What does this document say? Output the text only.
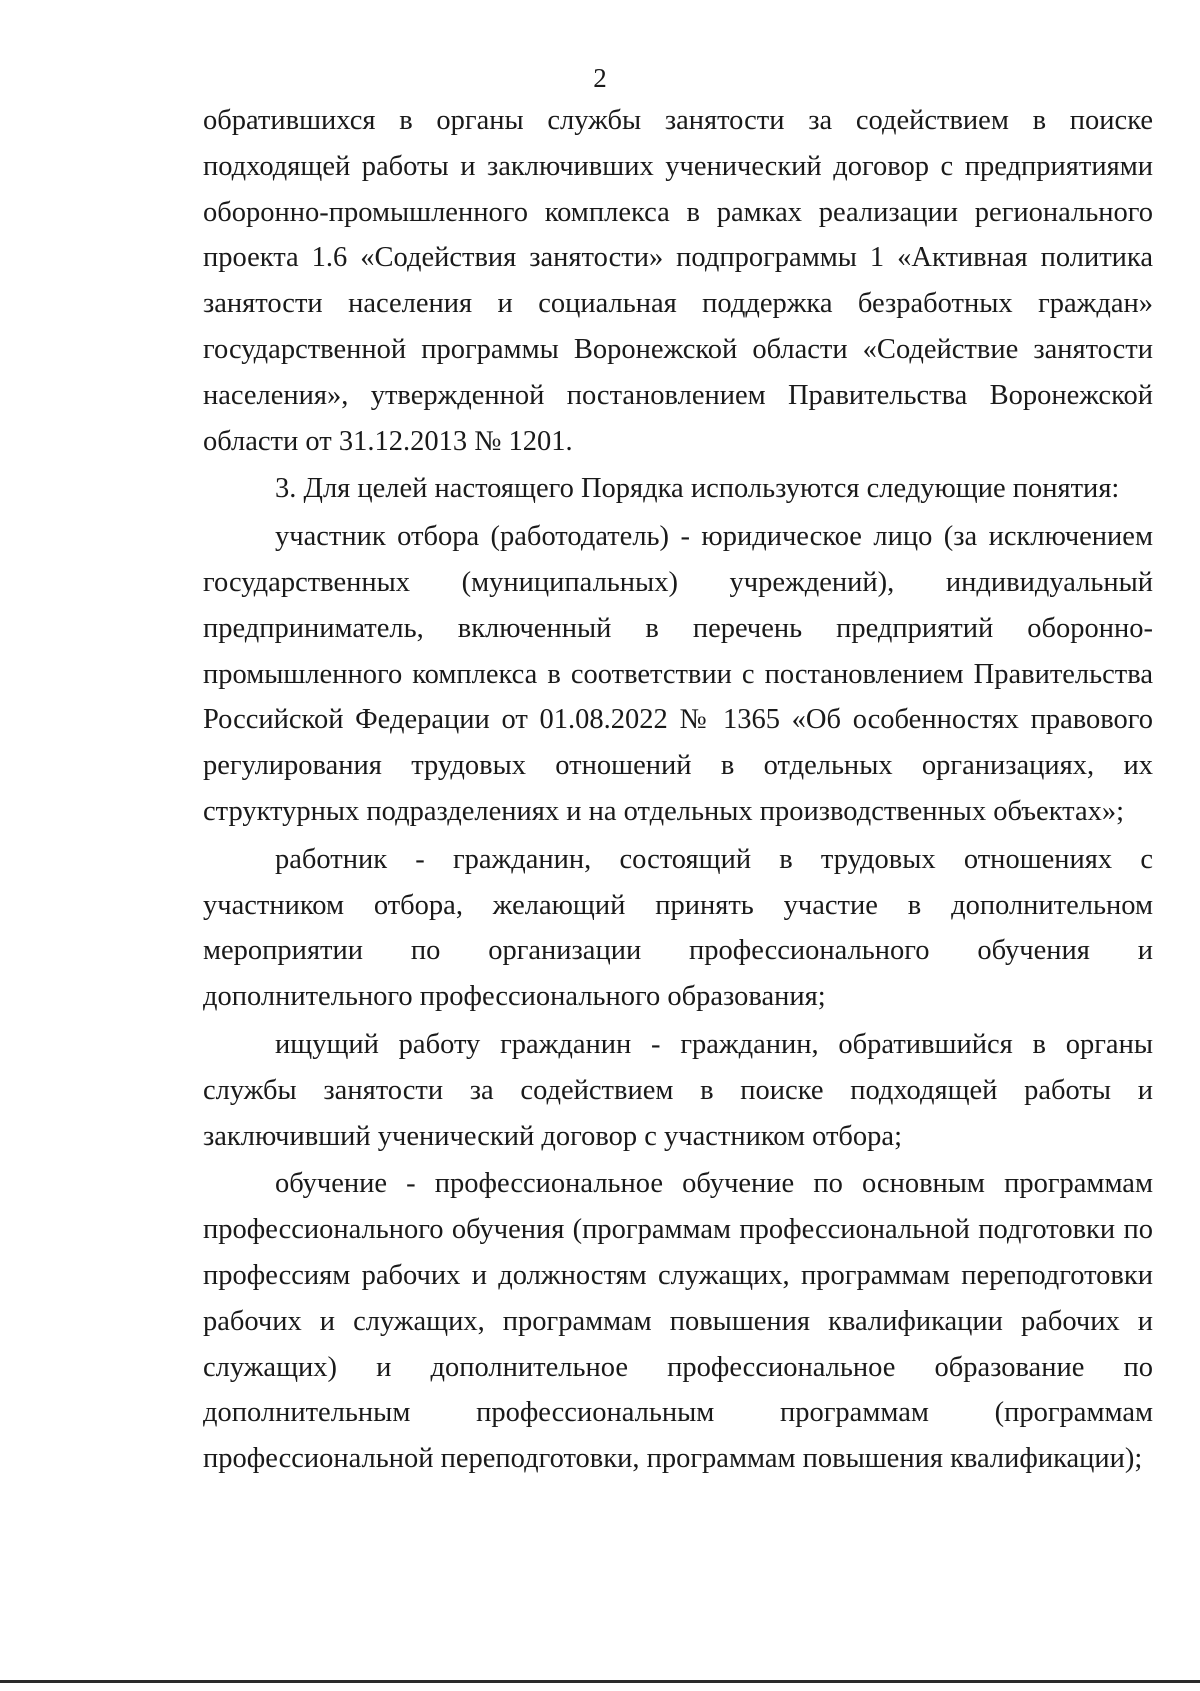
2

обратившихся в органы службы занятости за содействием в поиске подходящей работы и заключивших ученический договор с предприятиями оборонно-промышленного комплекса в рамках реализации регионального проекта 1.6 «Содействия занятости» подпрограммы 1 «Активная политика занятости населения и социальная поддержка безработных граждан» государственной программы Воронежской области «Содействие занятости населения», утвержденной постановлением Правительства Воронежской области от 31.12.2013 № 1201.

3. Для целей настоящего Порядка используются следующие понятия:

участник отбора (работодатель) - юридическое лицо (за исключением государственных (муниципальных) учреждений), индивидуальный предприниматель, включенный в перечень предприятий оборонно-промышленного комплекса в соответствии с постановлением Правительства Российской Федерации от 01.08.2022 № 1365 «Об особенностях правового регулирования трудовых отношений в отдельных организациях, их структурных подразделениях и на отдельных производственных объектах»;

работник - гражданин, состоящий в трудовых отношениях с участником отбора, желающий принять участие в дополнительном мероприятии по организации профессионального обучения и дополнительного профессионального образования;

ищущий работу гражданин - гражданин, обратившийся в органы службы занятости за содействием в поиске подходящей работы и заключивший ученический договор с участником отбора;

обучение - профессиональное обучение по основным программам профессионального обучения (программам профессиональной подготовки по профессиям рабочих и должностям служащих, программам переподготовки рабочих и служащих, программам повышения квалификации рабочих и служащих) и дополнительное профессиональное образование по дополнительным профессиональным программам (программам профессиональной переподготовки, программам повышения квалификации);
